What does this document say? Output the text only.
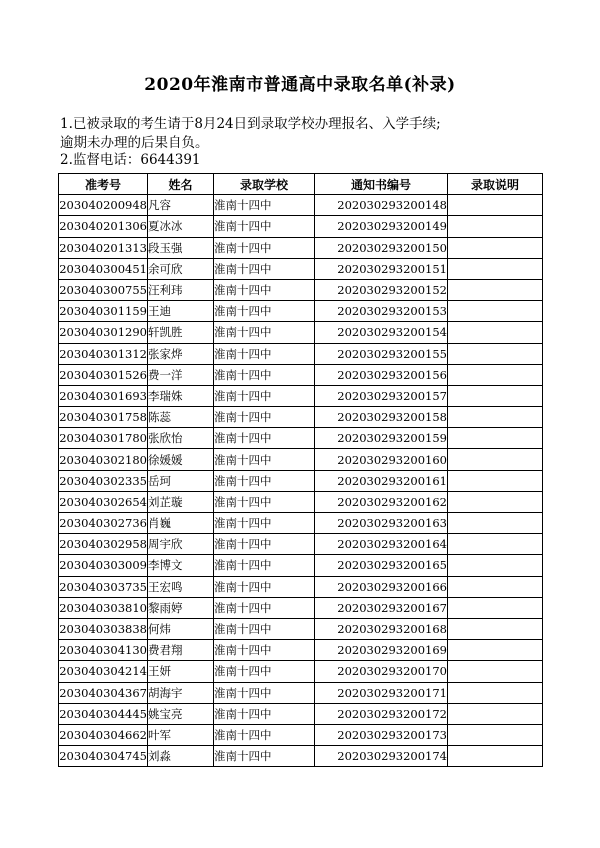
2020年淮南市普通高中录取名单(补录)
1.已被录取的考生请于8月24日到录取学校办理报名、入学手续;
逾期未办理的后果自负。
2.监督电话：6644391
准考号	姓名	录取学校	通知书编号	录取说明
203040200948	凡容	淮南十四中	202030293200148	
203040201306	夏冰冰	淮南十四中	202030293200149	
203040201313	段玉强	淮南十四中	202030293200150	
203040300451	余可欣	淮南十四中	202030293200151	
203040300755	汪利玮	淮南十四中	202030293200152	
203040301159	王迪	淮南十四中	202030293200153	
203040301290	轩凯胜	淮南十四中	202030293200154	
203040301312	张家烨	淮南十四中	202030293200155	
203040301526	费一洋	淮南十四中	202030293200156	
203040301693	李瑞姝	淮南十四中	202030293200157	
203040301758	陈蕊	淮南十四中	202030293200158	
203040301780	张欣怡	淮南十四中	202030293200159	
203040302180	徐媛媛	淮南十四中	202030293200160	
203040302335	岳珂	淮南十四中	202030293200161	
203040302654	刘芷璇	淮南十四中	202030293200162	
203040302736	肖巍	淮南十四中	202030293200163	
203040302958	周宇欣	淮南十四中	202030293200164	
203040303009	李博文	淮南十四中	202030293200165	
203040303735	王宏鸣	淮南十四中	202030293200166	
203040303810	黎雨婷	淮南十四中	202030293200167	
203040303838	何炜	淮南十四中	202030293200168	
203040304130	费君翔	淮南十四中	202030293200169	
203040304214	王妍	淮南十四中	202030293200170	
203040304367	胡海宇	淮南十四中	202030293200171	
203040304445	姚宝亮	淮南十四中	202030293200172	
203040304662	叶军	淮南十四中	202030293200173	
203040304745	刘淼	淮南十四中	202030293200174	
